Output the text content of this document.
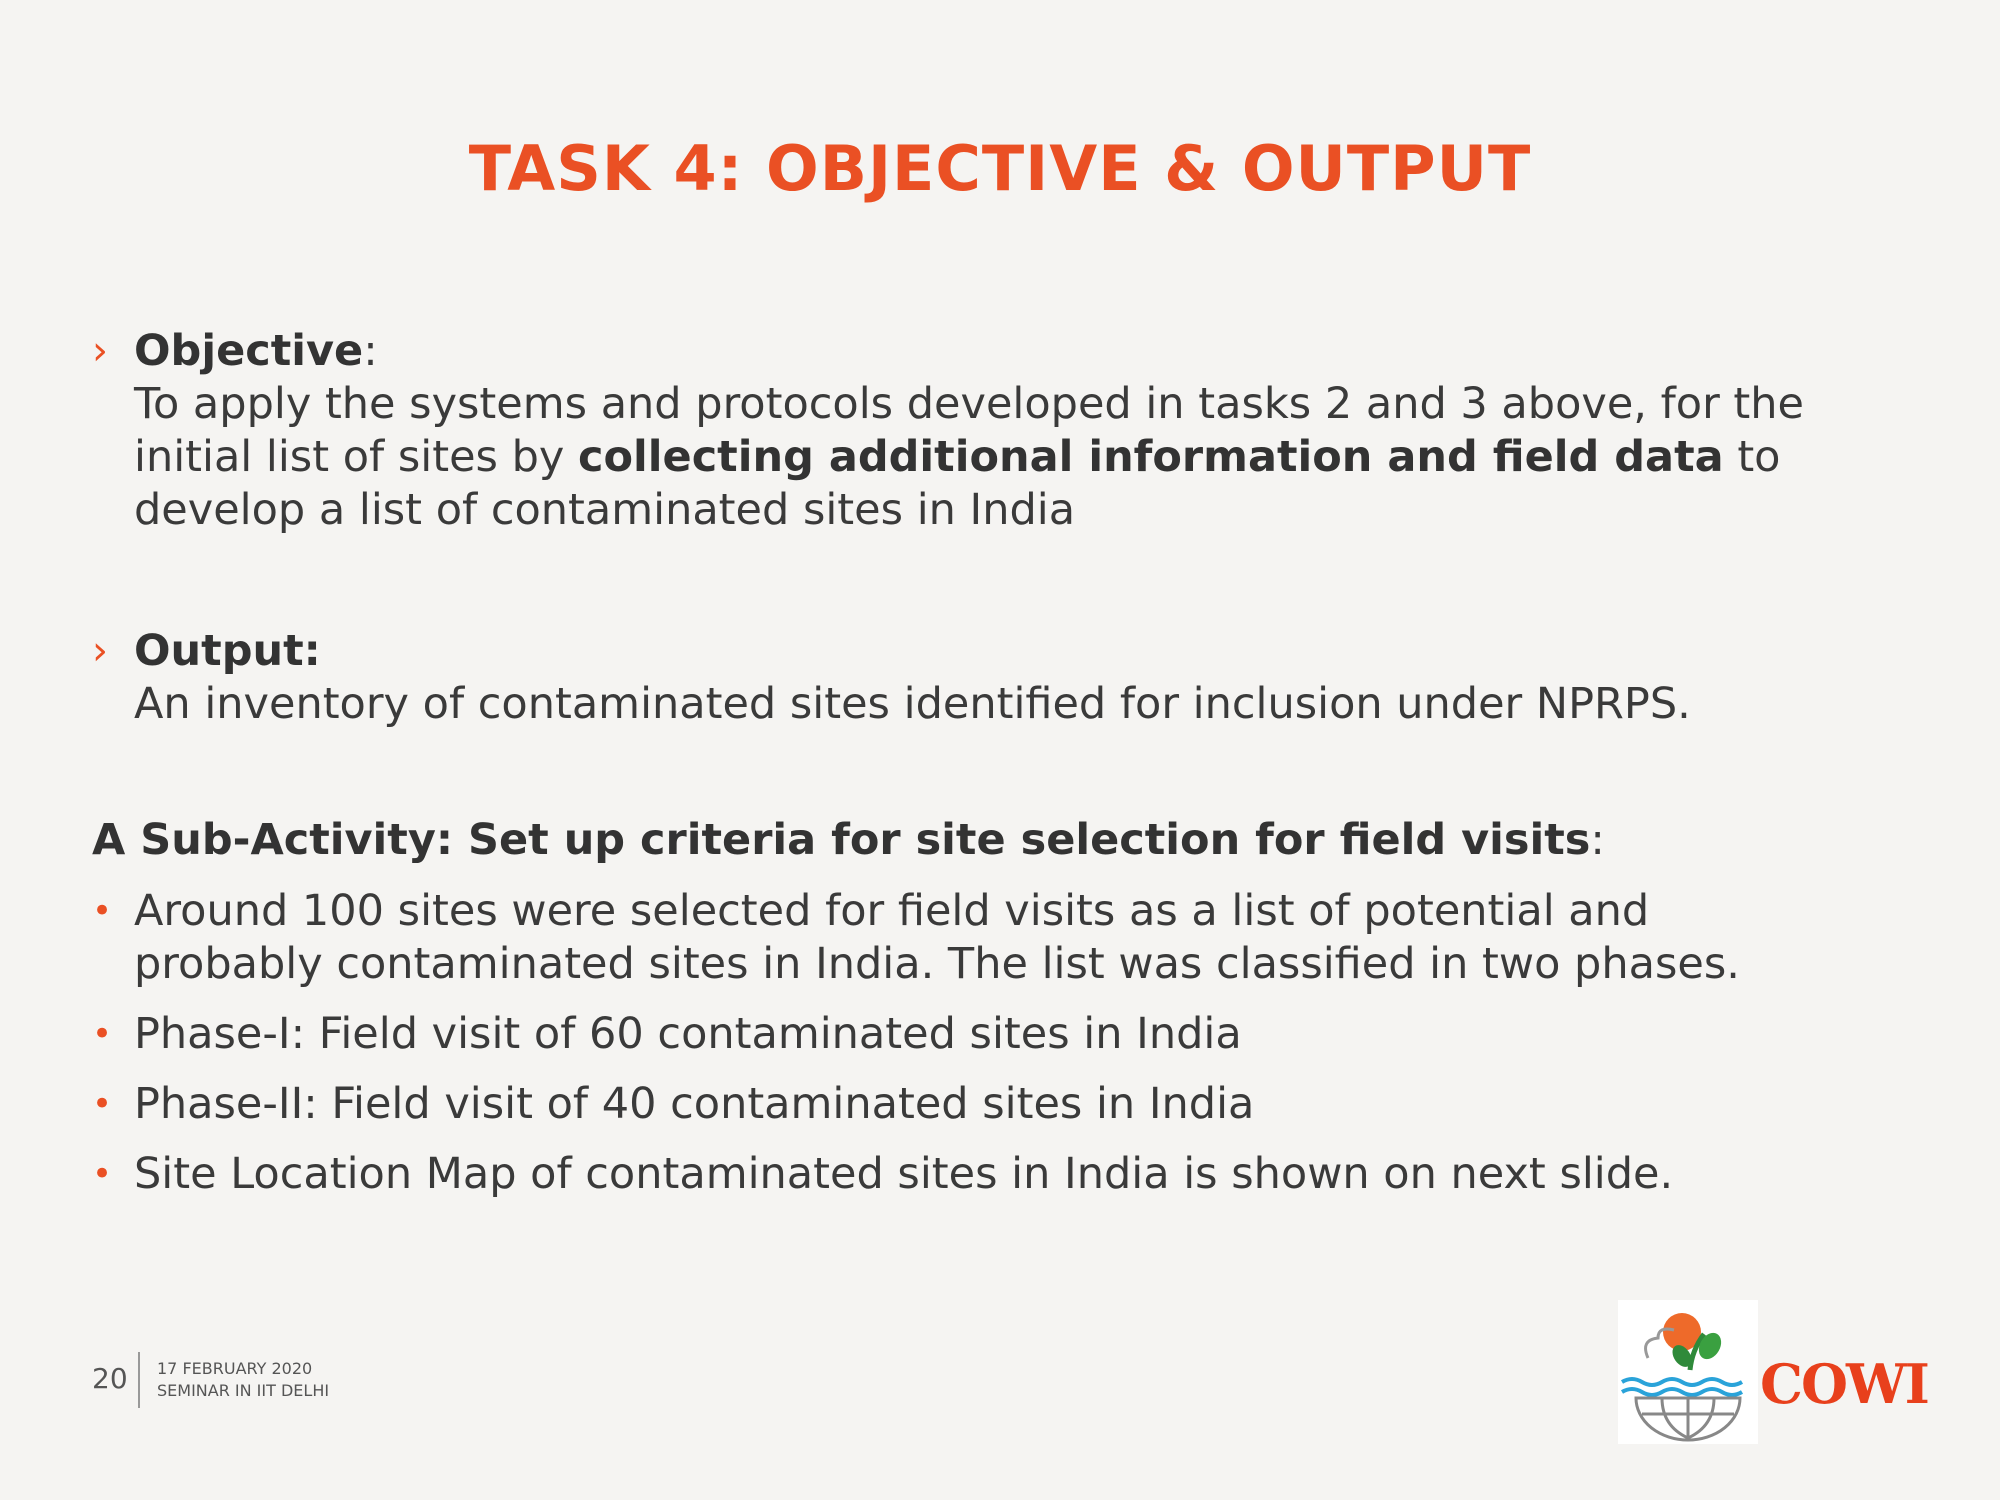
TASK 4: OBJECTIVE & OUTPUT
› Objective:
To apply the systems and protocols developed in tasks 2 and 3 above, for the
initial list of sites by collecting additional information and field data to
develop a list of contaminated sites in India
› Output:
An inventory of contaminated sites identified for inclusion under NPRPS.
A Sub-Activity: Set up criteria for site selection for field visits:
• Around 100 sites were selected for field visits as a list of potential and
probably contaminated sites in India. The list was classified in two phases.
• Phase-I: Field visit of 60 contaminated sites in India
• Phase-II: Field visit of 40 contaminated sites in India
• Site Location Map of contaminated sites in India is shown on next slide.
20 17 FEBRUARY 2020
SEMINAR IN IIT DELHI	COWI
